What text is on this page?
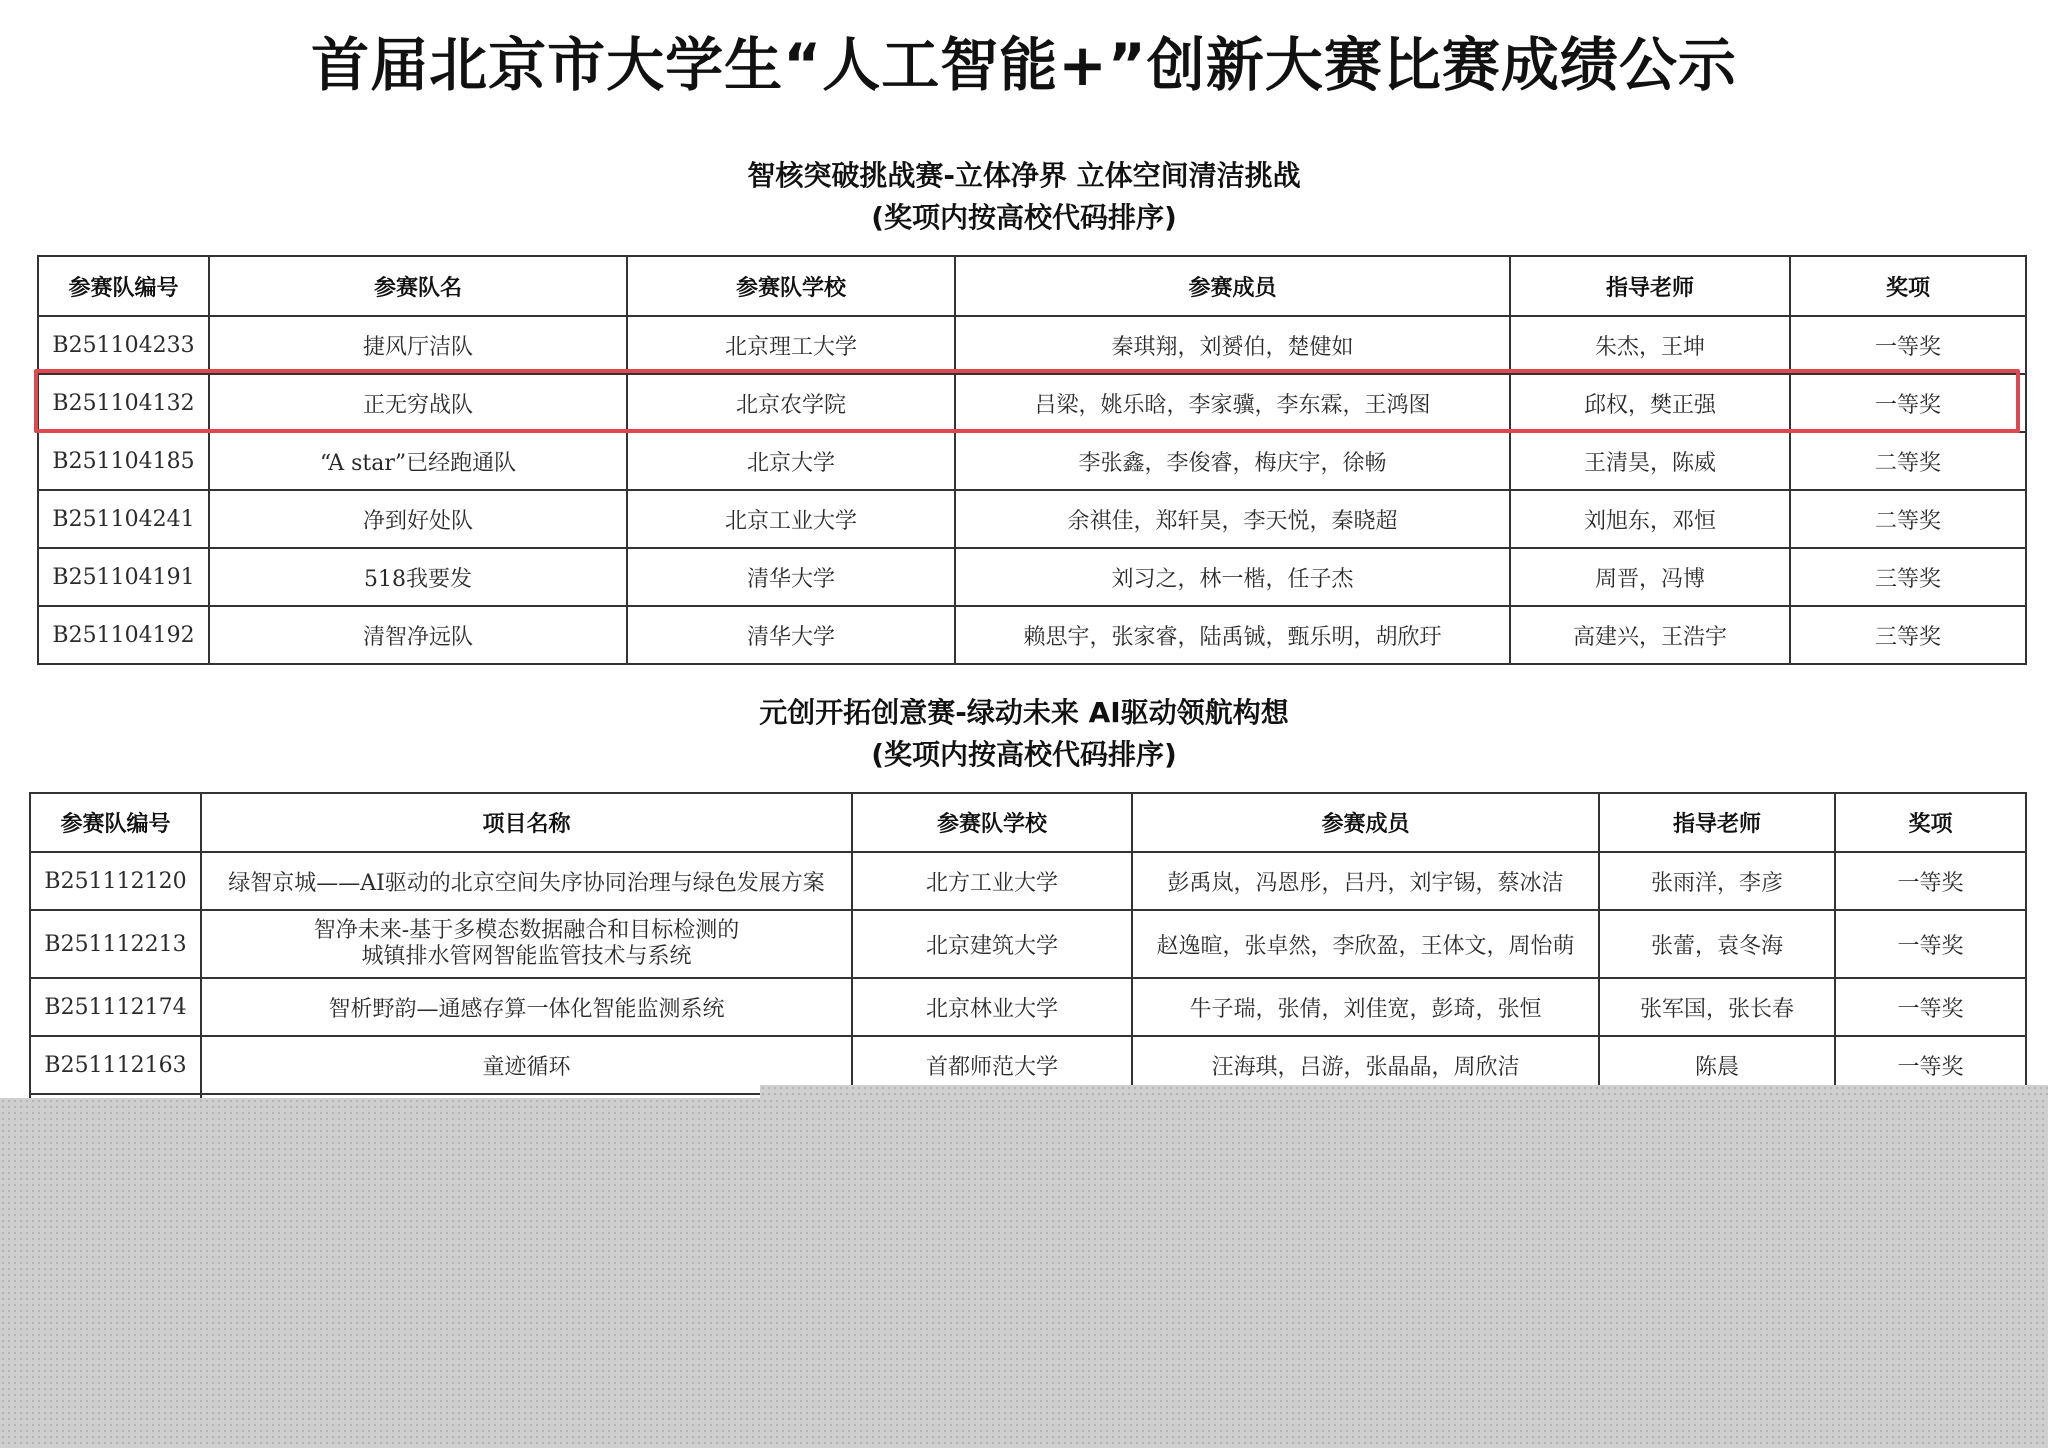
首届北京市大学生“人工智能+”创新大赛比赛成绩公示
智核突破挑战赛-立体净界 立体空间清洁挑战
(奖项内按高校代码排序)
参赛队编号	参赛队名	参赛队学校	参赛成员	指导老师	奖项
B251104233	捷风厅洁队	北京理工大学	秦琪翔，刘赟伯，楚健如	朱杰，王坤	一等奖
B251104132	正无穷战队	北京农学院	吕梁，姚乐晗，李家骥，李东霖，王鸿图	邱权，樊正强	一等奖
B251104185	“A star”已经跑通队	北京大学	李张鑫，李俊睿，梅庆宇，徐畅	王清昊，陈威	二等奖
B251104241	净到好处队	北京工业大学	余祺佳，郑轩昊，李天悦，秦晓超	刘旭东，邓恒	二等奖
B251104191	518我要发	清华大学	刘习之，林一楷，任子杰	周晋，冯博	三等奖
B251104192	清智净远队	清华大学	赖思宇，张家睿，陆禹铖，甄乐明，胡欣玗	高建兴，王浩宇	三等奖
元创开拓创意赛-绿动未来 AI驱动领航构想
(奖项内按高校代码排序)
参赛队编号	项目名称	参赛队学校	参赛成员	指导老师	奖项
B251112120	绿智京城——AI驱动的北京空间失序协同治理与绿色发展方案	北方工业大学	彭禹岚，冯恩彤，吕丹，刘宇锡，蔡冰洁	张雨洋，李彦	一等奖
B251112213	智净未来-基于多模态数据融合和目标检测的
城镇排水管网智能监管技术与系统	北京建筑大学	赵逸暄，张卓然，李欣盈，王体文，周怡萌	张蕾，袁冬海	一等奖
B251112174	智析野韵—通感存算一体化智能监测系统	北京林业大学	牛子瑞，张倩，刘佳宽，彭琦，张恒	张军国，张长春	一等奖
B251112163	童迹循环	首都师范大学	汪海琪，吕游，张晶晶，周欣洁	陈晨	一等奖
